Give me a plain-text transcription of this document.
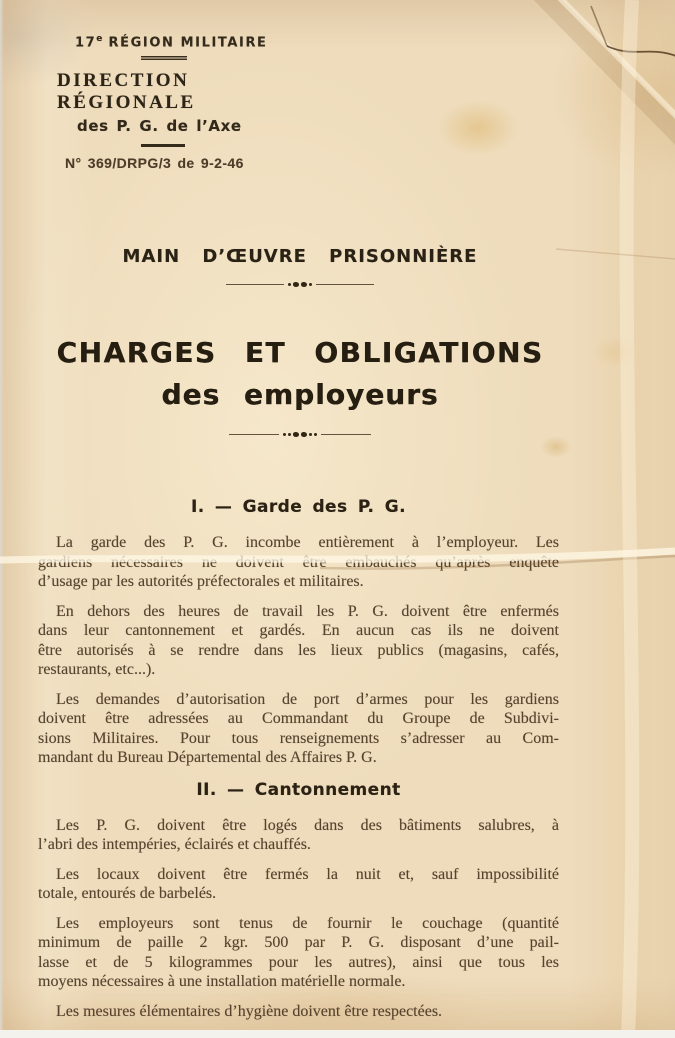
17e RÉGION MILITAIRE
DIRECTION RÉGIONALE
des P. G. de l’Axe
N° 369/DRPG/3 de 9-2-46
MAIN D’ŒUVRE PRISONNIÈRE
CHARGES ET OBLIGATIONS
des employeurs
I. — Garde des P. G.
La garde des P. G. incombe entièrement à l’employeur. Les
gardiens nécessaires ne doivent être embauchés qu’après enquête
d’usage par les autorités préfectorales et militaires.
En dehors des heures de travail les P. G. doivent être enfermés
dans leur cantonnement et gardés. En aucun cas ils ne doivent
être autorisés à se rendre dans les lieux publics (magasins, cafés,
restaurants, etc...).
Les demandes d’autorisation de port d’armes pour les gardiens
doivent être adressées au Commandant du Groupe de Subdivi-
sions Militaires. Pour tous renseignements s’adresser au Com-
mandant du Bureau Départemental des Affaires P. G.
II. — Cantonnement
Les P. G. doivent être logés dans des bâtiments salubres, à
l’abri des intempéries, éclairés et chauffés.
Les locaux doivent être fermés la nuit et, sauf impossibilité
totale, entourés de barbelés.
Les employeurs sont tenus de fournir le couchage (quantité
minimum de paille 2 kgr. 500 par P. G. disposant d’une pail-
lasse et de 5 kilogrammes pour les autres), ainsi que tous les
moyens nécessaires à une installation matérielle normale.
Les mesures élémentaires d’hygiène doivent être respectées.
